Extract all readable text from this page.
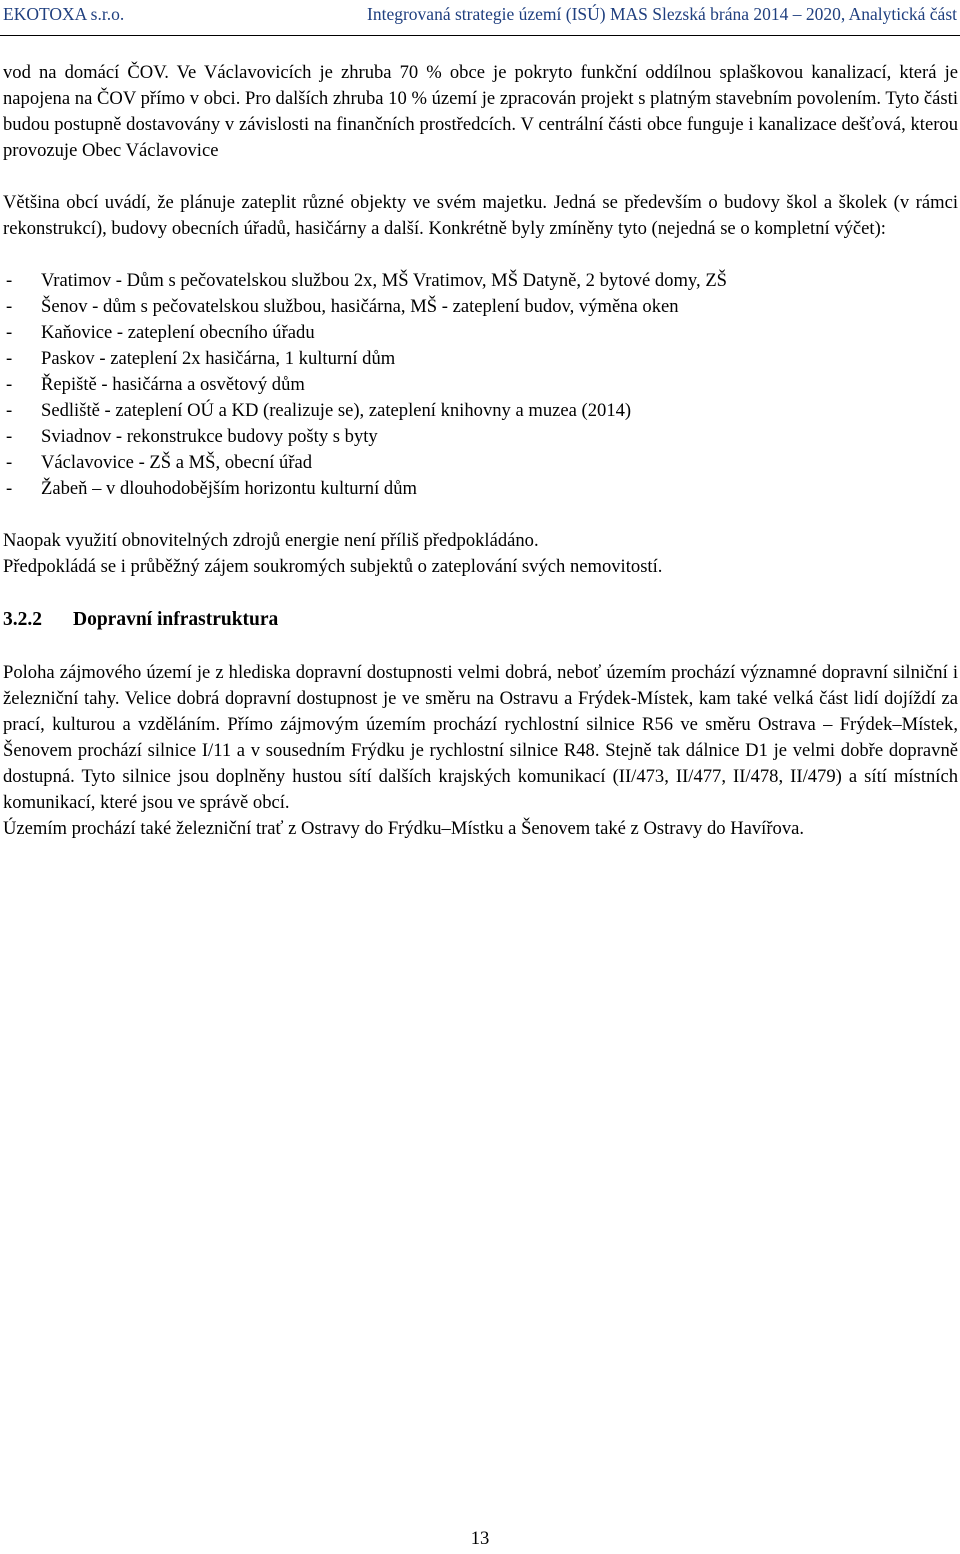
EKOTOXA s.r.o.	Integrovaná strategie území (ISÚ) MAS Slezská brána 2014 – 2020, Analytická část

vod na domácí ČOV. Ve Václavovicích je zhruba 70 % obce je pokryto funkční oddílnou splaškovou kanalizací, která je napojena na ČOV přímo v obci. Pro dalších zhruba 10 % území je zpracován projekt s platným stavebním povolením. Tyto části budou postupně dostavovány v závislosti na finančních prostředcích. V centrální části obce funguje i kanalizace dešťová, kterou provozuje Obec Václavovice

Většina obcí uvádí, že plánuje zateplit různé objekty ve svém majetku. Jedná se především o budovy škol a školek (v rámci rekonstrukcí), budovy obecních úřadů, hasičárny a další. Konkrétně byly zmíněny tyto (nejedná se o kompletní výčet):

- Vratimov - Dům s pečovatelskou službou 2x, MŠ Vratimov, MŠ Datyně, 2 bytové domy, ZŠ
- Šenov - dům s pečovatelskou službou, hasičárna, MŠ - zateplení budov, výměna oken
- Kaňovice - zateplení obecního úřadu
- Paskov - zateplení 2x hasičárna, 1 kulturní dům
- Řepiště - hasičárna a osvětový dům
- Sedliště - zateplení OÚ a KD (realizuje se), zateplení knihovny a muzea (2014)
- Sviadnov - rekonstrukce budovy pošty s byty
- Václavovice - ZŠ a MŠ, obecní úřad
- Žabeň – v dlouhodobějším horizontu kulturní dům

Naopak využití obnovitelných zdrojů energie není příliš předpokládáno.

Předpokládá se i průběžný zájem soukromých subjektů o zateplování svých nemovitostí.

3.2.2	Dopravní infrastruktura

Poloha zájmového území je z hlediska dopravní dostupnosti velmi dobrá, neboť územím prochází významné dopravní silniční i železniční tahy. Velice dobrá dopravní dostupnost je ve směru na Ostravu a Frýdek-Místek, kam také velká část lidí dojíždí za prací, kulturou a vzděláním. Přímo zájmovým územím prochází rychlostní silnice R56 ve směru Ostrava – Frýdek–Místek, Šenovem prochází silnice I/11 a v sousedním Frýdku je rychlostní silnice R48. Stejně tak dálnice D1 je velmi dobře dopravně dostupná. Tyto silnice jsou doplněny hustou sítí dalších krajských komunikací (II/473, II/477, II/478, II/479) a sítí místních komunikací, které jsou ve správě obcí.

Územím prochází také železniční trať z Ostravy do Frýdku–Místku a Šenovem také z Ostravy do Havířova.

13
